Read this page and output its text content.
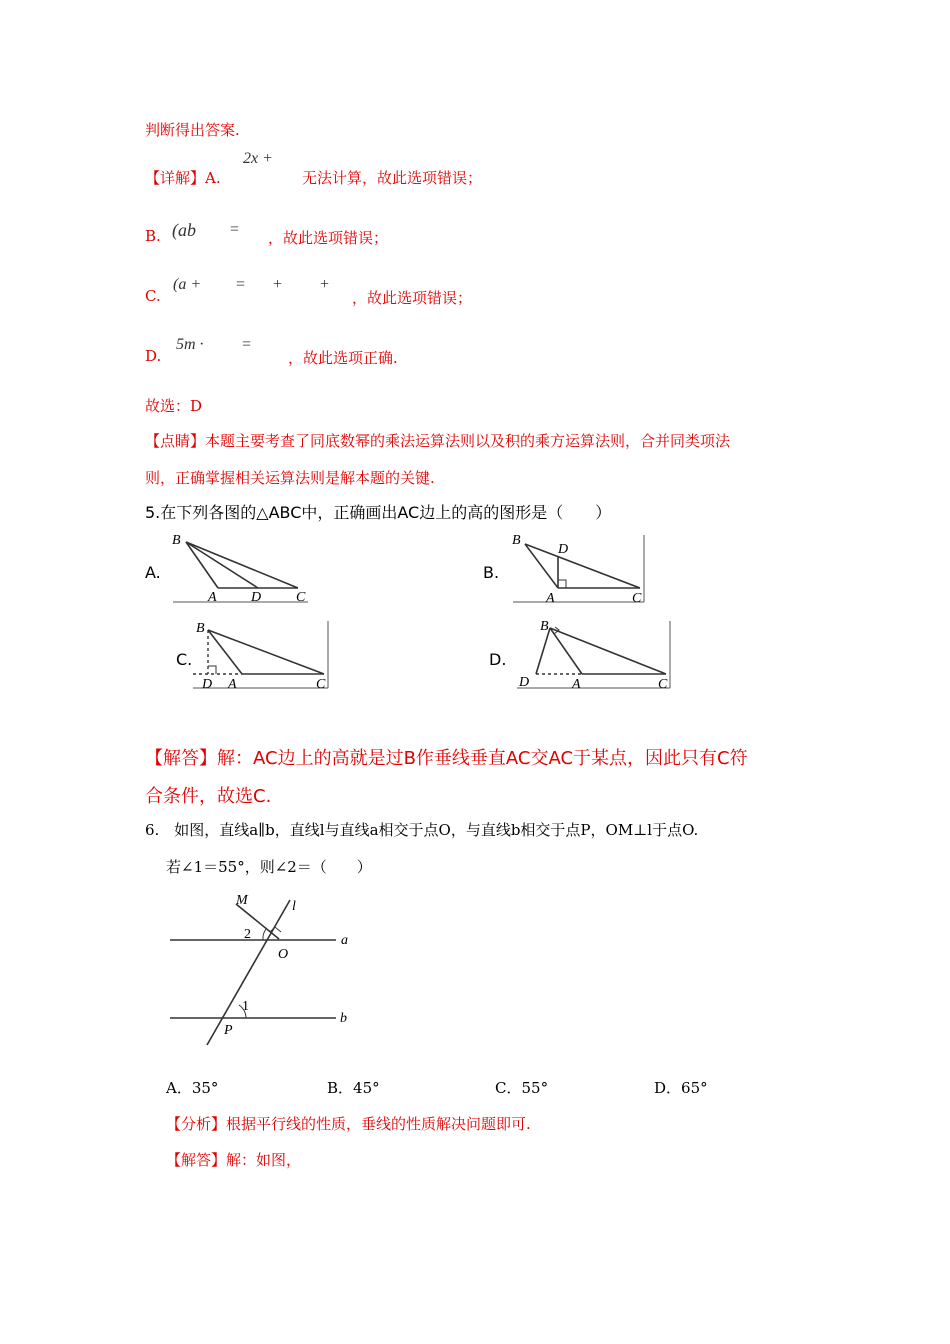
判断得出答案.
【详解】A.
2x +
无法计算，故此选项错误；
B. (ab = ，故此选项错误；
C.
(a + = + +
，故此选项错误；
D.
5m · =
，故此选项正确.
故选：D
【点睛】本题主要考查了同底数幂的乘法运算法则以及积的乘方运算法则，合并同类项法
则，正确掌握相关运算法则是解本题的关键.
5.在下列各图的△ABC中，正确画出AC边上的高的图形是（　　）
A.	B.
C.	D.
B
A D C
B
D
A	C
B
D A	C
B
D	A	C
【解答】解：AC边上的高就是过B作垂线垂直AC交AC于某点，因此只有C符
合条件，故选C.
6.　如图，直线a∥b，直线l与直线a相交于点O，与直线b相交于点P，OM⊥l于点O.
若∠1＝55°，则∠2＝（　　）
M	l
a
O
2
1
b
P
A．35°	B．45°	C．55°	D．65°
【分析】根据平行线的性质，垂线的性质解决问题即可.
【解答】解：如图，
